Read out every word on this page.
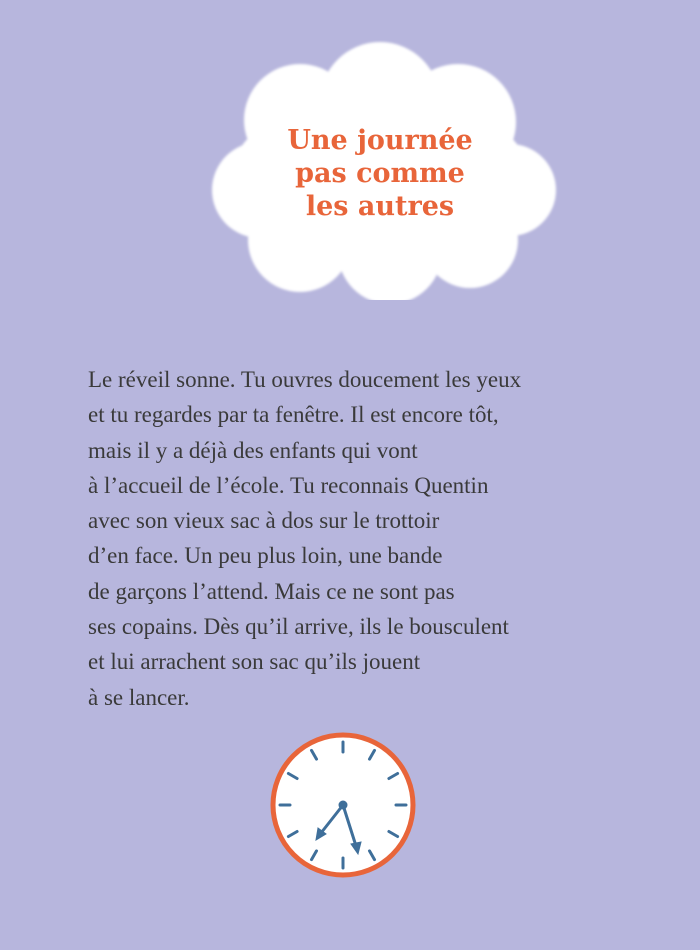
Une journée
pas comme
les autres
Le réveil sonne. Tu ouvres doucement les yeux
et tu regardes par ta fenêtre. Il est encore tôt,
mais il y a déjà des enfants qui vont
à l’accueil de l’école. Tu reconnais Quentin
avec son vieux sac à dos sur le trottoir
d’en face. Un peu plus loin, une bande
de garçons l’attend. Mais ce ne sont pas
ses copains. Dès qu’il arrive, ils le bousculent
et lui arrachent son sac qu’ils jouent
à se lancer.
